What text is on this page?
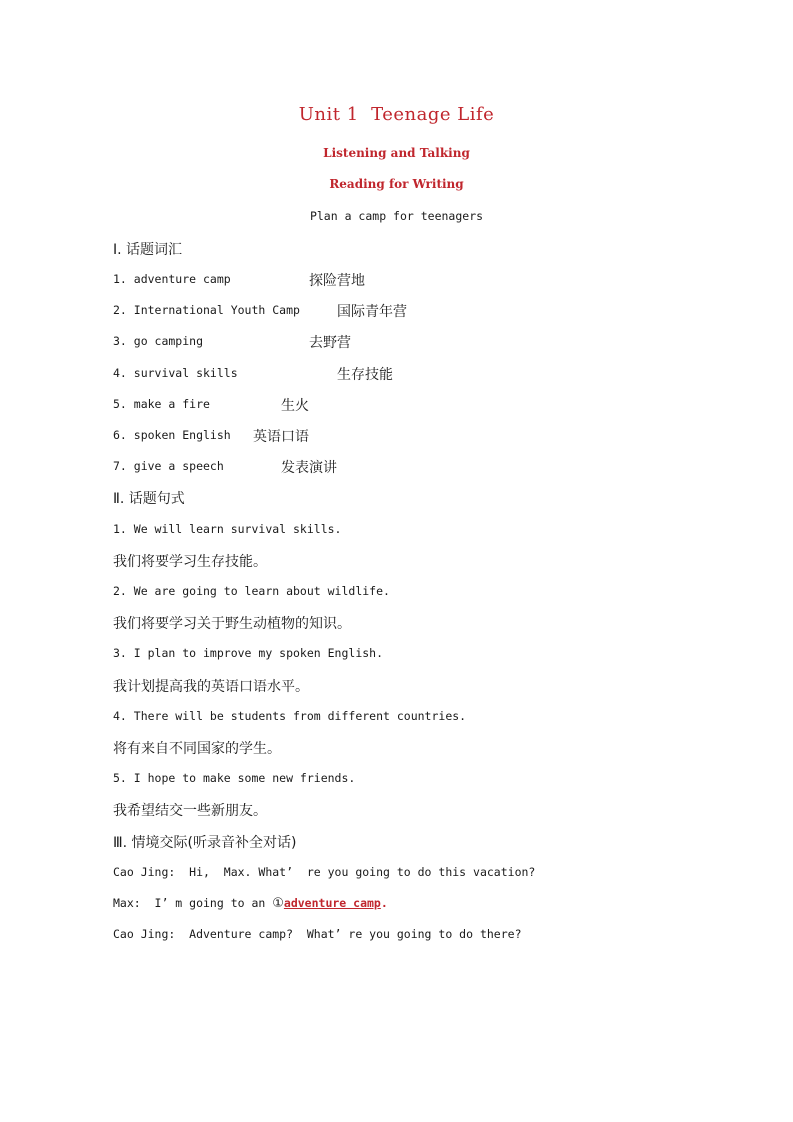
Unit 1  Teenage Life
Listening and Talking
Reading for Writing
Plan a camp for teenagers
Ⅰ. 话题词汇
1. adventure camp	探险营地
2. International Youth Camp	国际青年营
3. go camping	去野营
4. survival skills	生存技能
5. make a fire	生火
6. spoken English 英语口语
7. give a speech	发表演讲
Ⅱ. 话题句式
1. We will learn survival skills.
我们将要学习生存技能。
2. We are going to learn about wildlife.
我们将要学习关于野生动植物的知识。
3. I plan to improve my spoken English.
我计划提高我的英语口语水平。
4. There will be students from different countries.
将有来自不同国家的学生。
5. I hope to make some new friends.
我希望结交一些新朋友。
Ⅲ. 情境交际(听录音补全对话)
Cao Jing:  Hi,  Max. What’  re you going to do this vacation?
Max:  I’ m going to an ①adventure camp.
Cao Jing:  Adventure camp?  What’ re you going to do there?
